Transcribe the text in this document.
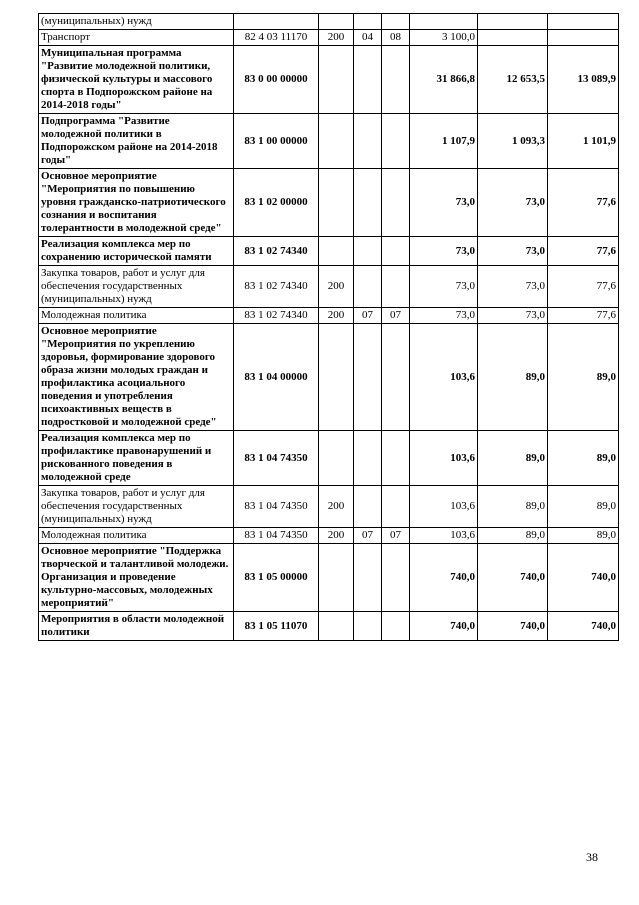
(муниципальных) нужд							
Транспорт	82 4 03 11170	200	04	08	3 100,0		
Муниципальная программа "Развитие молодежной политики, физической культуры и массового спорта в Подпорожском районе на 2014-2018 годы"	83 0 00 00000				31 866,8	12 653,5	13 089,9
Подпрограмма "Развитие молодежной политики в Подпорожском районе на 2014-2018 годы"	83 1 00 00000				1 107,9	1 093,3	1 101,9
Основное мероприятие "Мероприятия по повышению уровня гражданско-патриотического сознания и воспитания толерантности в молодежной среде"	83 1 02 00000				73,0	73,0	77,6
Реализация комплекса мер по сохранению исторической памяти	83 1 02 74340				73,0	73,0	77,6
Закупка товаров, работ и услуг для обеспечения государственных (муниципальных) нужд	83 1 02 74340	200			73,0	73,0	77,6
Молодежная политика	83 1 02 74340	200	07	07	73,0	73,0	77,6
Основное мероприятие "Мероприятия по укреплению здоровья, формирование здорового образа жизни молодых граждан и профилактика асоциального поведения и употребления психоактивных веществ в подростковой и молодежной среде"	83 1 04 00000				103,6	89,0	89,0
Реализация комплекса мер по профилактике правонарушений и рискованного поведения в молодежной среде	83 1 04 74350				103,6	89,0	89,0
Закупка товаров, работ и услуг для обеспечения государственных (муниципальных) нужд	83 1 04 74350	200			103,6	89,0	89,0
Молодежная политика	83 1 04 74350	200	07	07	103,6	89,0	89,0
Основное мероприятие "Поддержка творческой и талантливой молодежи. Организация и проведение культурно-массовых, молодежных мероприятий"	83 1 05 00000				740,0	740,0	740,0
Мероприятия в области молодежной политики	83 1 05 11070				740,0	740,0	740,0
38
